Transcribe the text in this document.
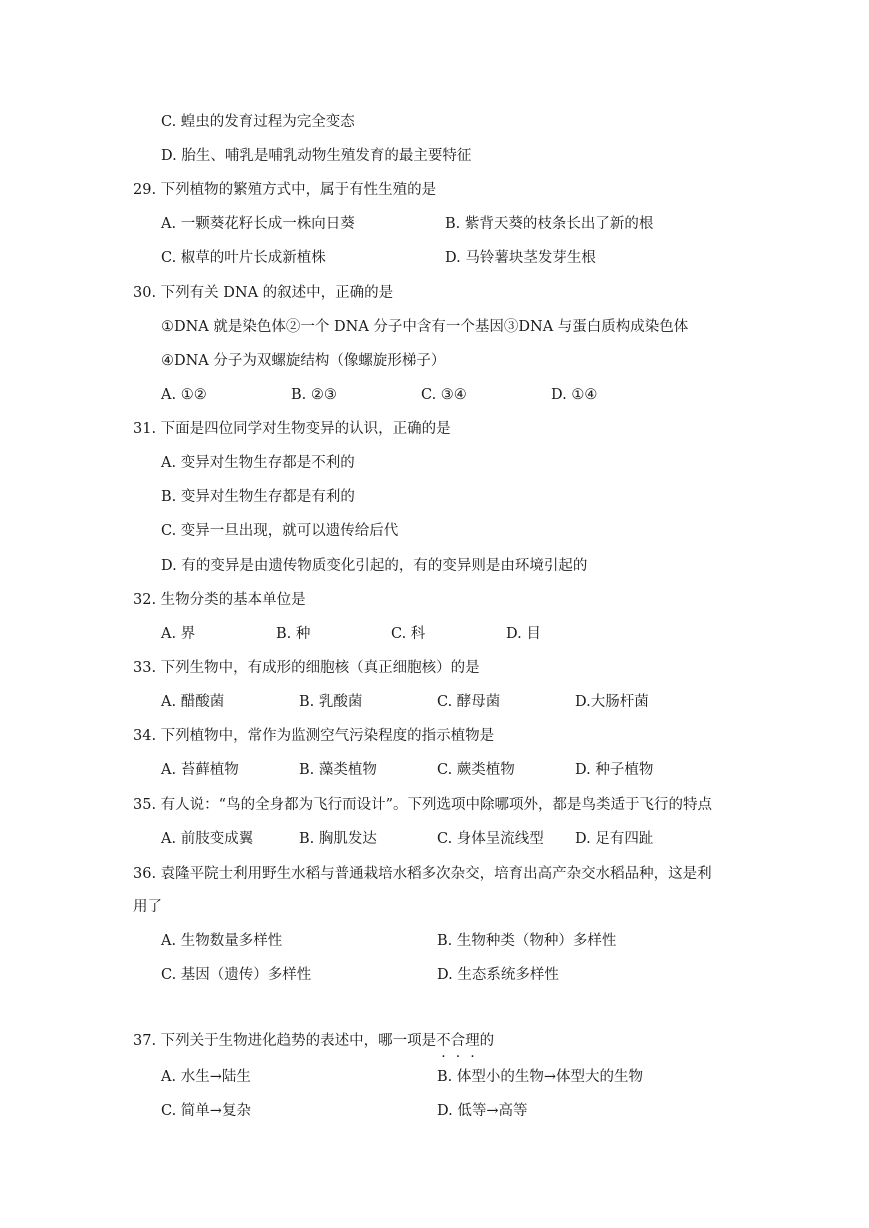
C. 蝗虫的发育过程为完全变态
D. 胎生、哺乳是哺乳动物生殖发育的最主要特征
29. 下列植物的繁殖方式中，属于有性生殖的是
A. 一颗葵花籽长成一株向日葵	B. 紫背天葵的枝条长出了新的根
C. 椒草的叶片长成新植株	D. 马铃薯块茎发芽生根
30. 下列有关 DNA 的叙述中，正确的是
①DNA 就是染色体②一个 DNA 分子中含有一个基因③DNA 与蛋白质构成染色体
④DNA 分子为双螺旋结构（像螺旋形梯子）
A. ①②	B. ②③	C. ③④	D. ①④
31. 下面是四位同学对生物变异的认识，正确的是
A. 变异对生物生存都是不利的
B. 变异对生物生存都是有利的
C. 变异一旦出现，就可以遗传给后代
D. 有的变异是由遗传物质变化引起的，有的变异则是由环境引起的
32. 生物分类的基本单位是
A. 界	B. 种	C. 科	D. 目
33. 下列生物中，有成形的细胞核（真正细胞核）的是
A. 醋酸菌	B. 乳酸菌	C. 酵母菌	D.大肠杆菌
34. 下列植物中，常作为监测空气污染程度的指示植物是
A. 苔藓植物	B. 藻类植物	C. 蕨类植物	D. 种子植物
35. 有人说：“鸟的全身都为飞行而设计”。下列选项中除哪项外，都是鸟类适于飞行的特点
A. 前肢变成翼	B. 胸肌发达	C. 身体呈流线型 D. 足有四趾
36. 袁隆平院士利用野生水稻与普通栽培水稻多次杂交，培育出高产杂交水稻品种，这是利
用了
A. 生物数量多样性	B. 生物种类（物种）多样性
C. 基因（遗传）多样性	D. 生态系统多样性
37. 下列关于生物进化趋势的表述中，哪一项是不合理的
A. 水生→陆生	B. 体型小的生物→体型大的生物
C. 简单→复杂	D. 低等→高等
